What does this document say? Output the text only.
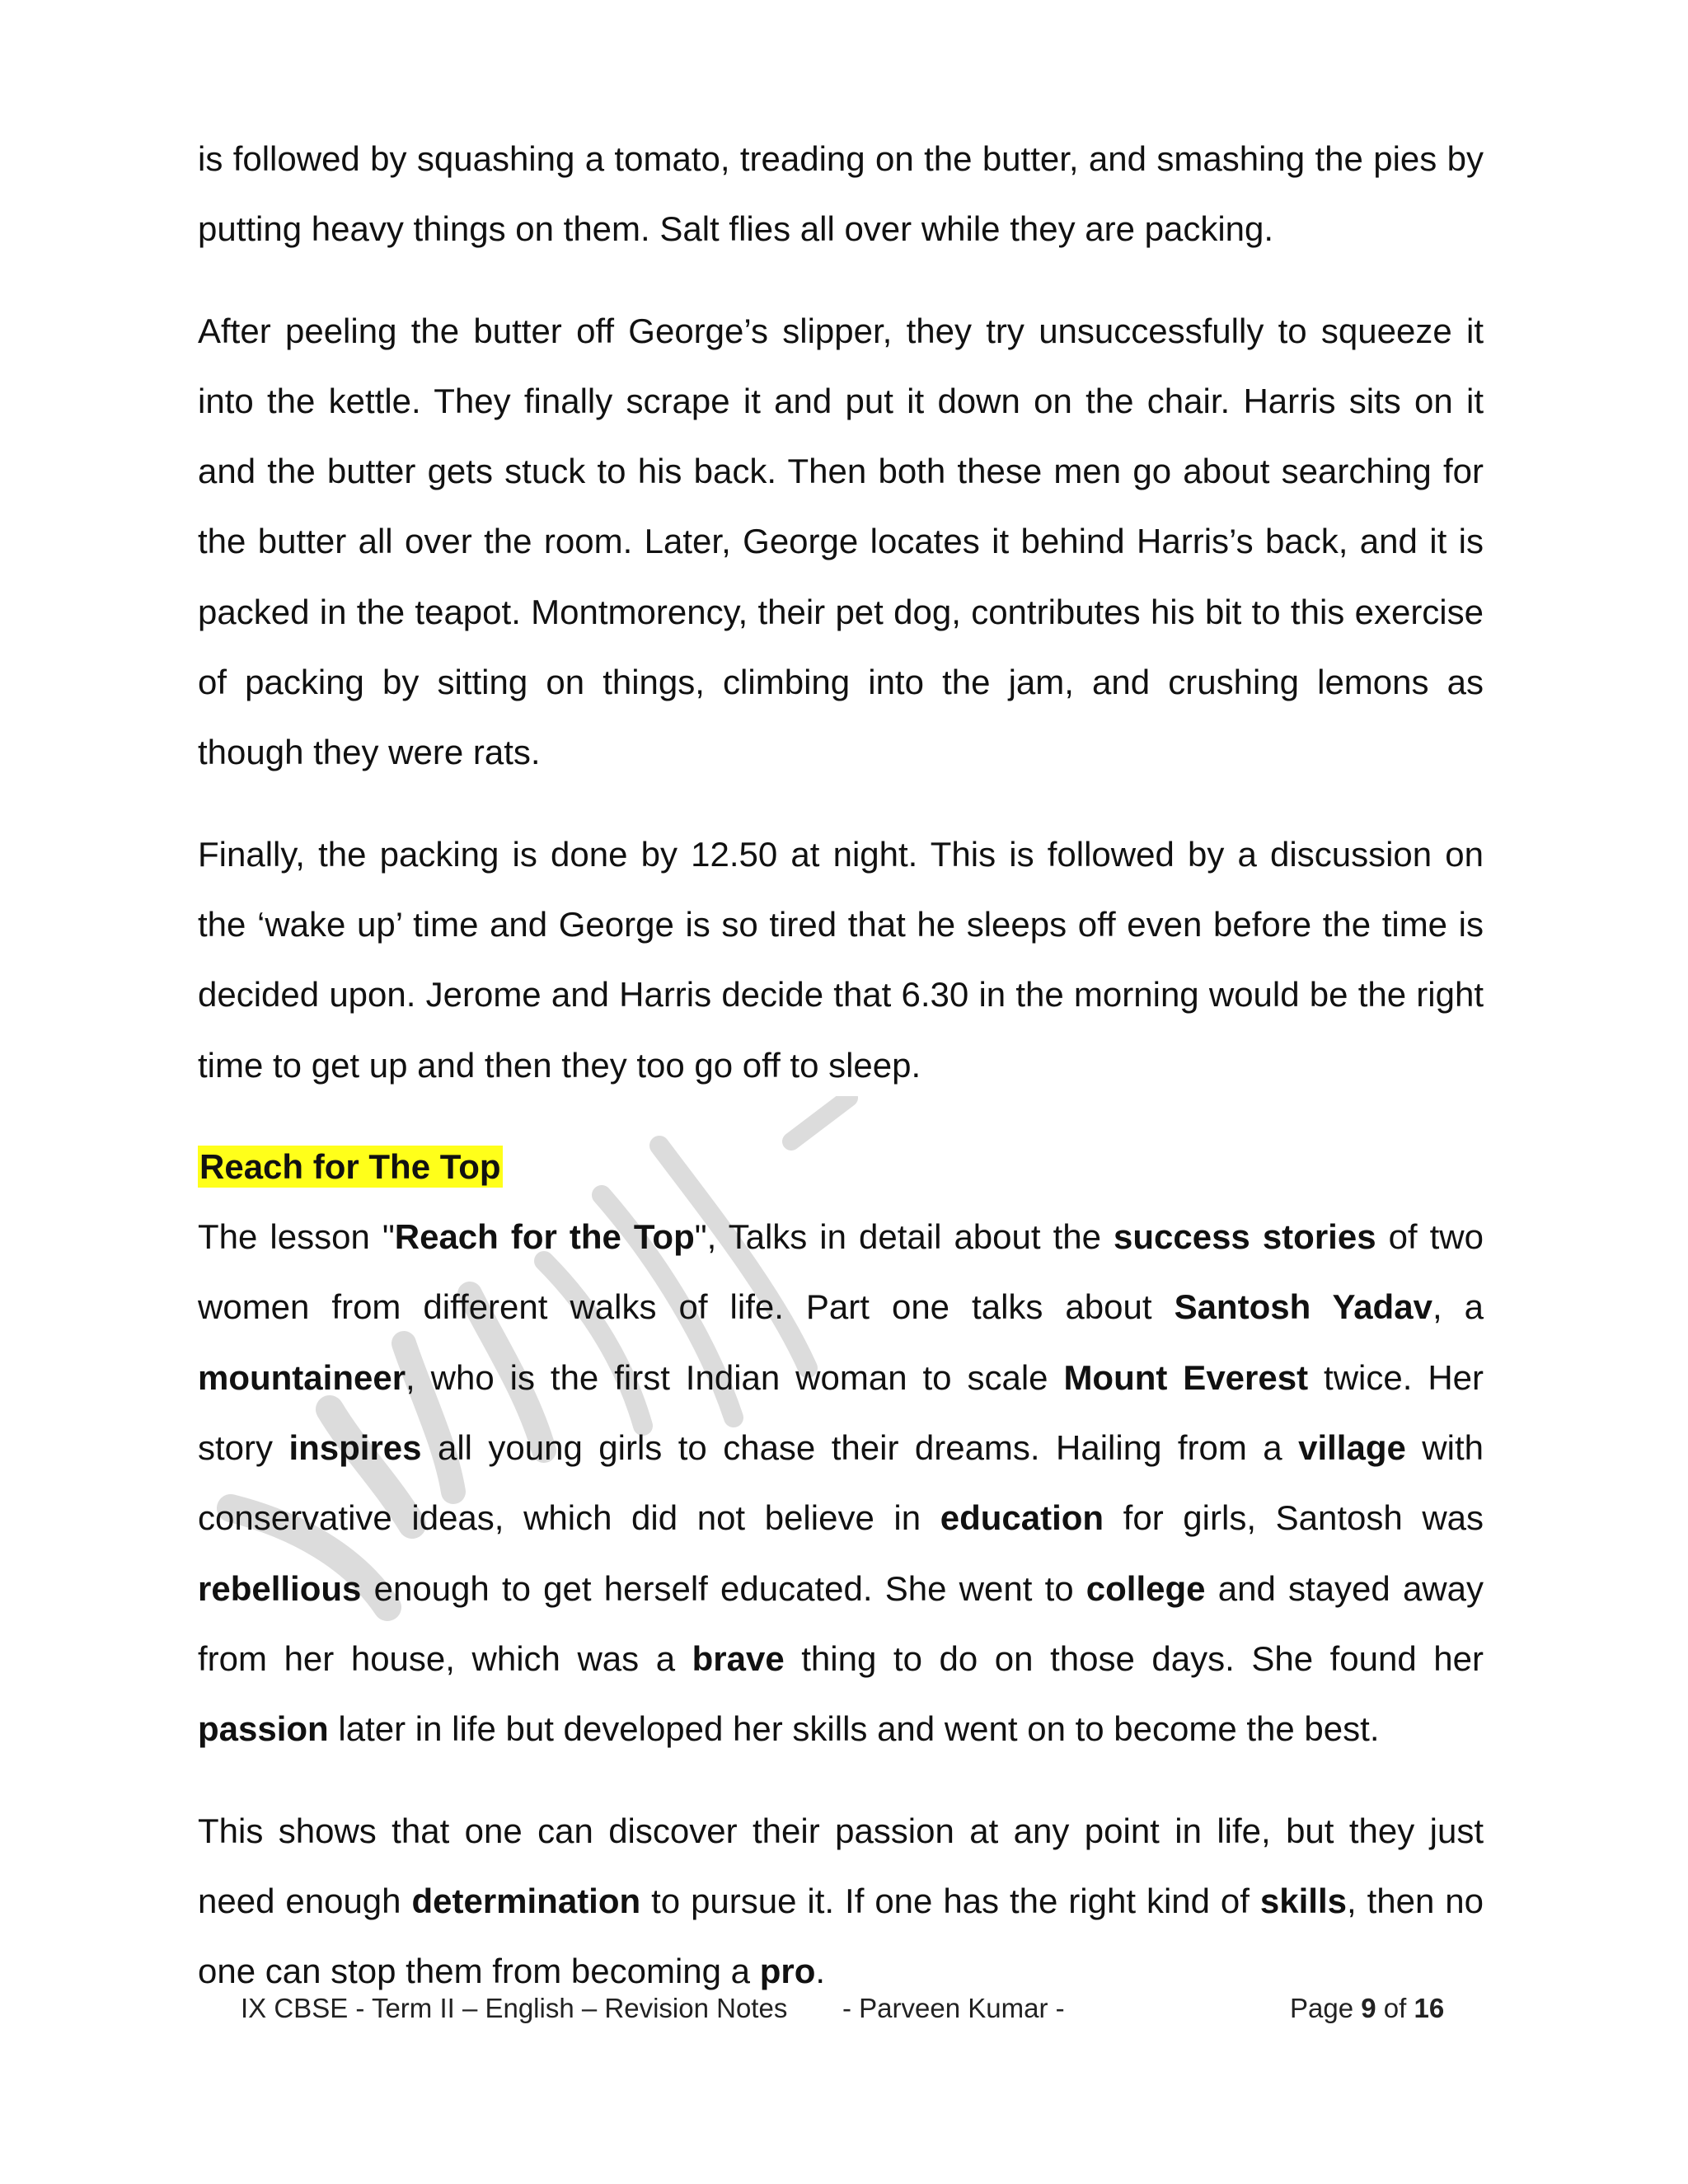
is followed by squashing a tomato, treading on the butter, and smashing the pies by putting heavy things on them. Salt flies all over while they are packing.

After peeling the butter off George’s slipper, they try unsuccessfully to squeeze it into the kettle. They finally scrape it and put it down on the chair. Harris sits on it and the butter gets stuck to his back. Then both these men go about searching for the butter all over the room. Later, George locates it behind Harris’s back, and it is packed in the teapot. Montmorency, their pet dog, contributes his bit to this exercise of packing by sitting on things, climbing into the jam, and crushing lemons as though they were rats.

Finally, the packing is done by 12.50 at night. This is followed by a discussion on the ‘wake up’ time and George is so tired that he sleeps off even before the time is decided upon. Jerome and Harris decide that 6.30 in the morning would be the right time to get up and then they too go off to sleep.

Reach for The Top

The lesson "Reach for the Top", Talks in detail about the success stories of two women from different walks of life. Part one talks about Santosh Yadav, a mountaineer, who is the first Indian woman to scale Mount Everest twice. Her story inspires all young girls to chase their dreams. Hailing from a village with conservative ideas, which did not believe in education for girls, Santosh was rebellious enough to get herself educated. She went to college and stayed away from her house, which was a brave thing to do on those days. She found her passion later in life but developed her skills and went on to become the best.

This shows that one can discover their passion at any point in life, but they just need enough determination to pursue it. If one has the right kind of skills, then no one can stop them from becoming a pro.

IX CBSE - Term II – English – Revision Notes - Parveen Kumar -	Page 9 of 16
